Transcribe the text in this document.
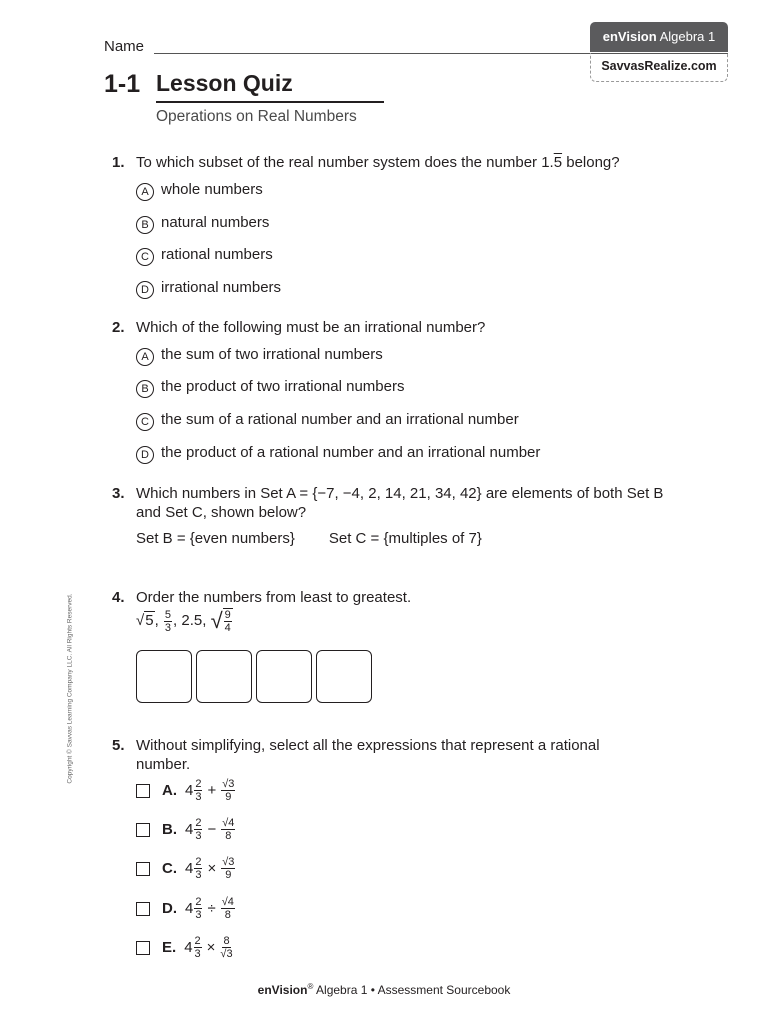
Name
enVision Algebra 1
SavvasRealize.com
1-1 Lesson Quiz
Operations on Real Numbers
Copyright © Savvas Learning Company LLC. All Rights Reserved.
1. To which subset of the real number system does the number 1.5 belong?
A whole numbers
B natural numbers
C rational numbers
D irrational numbers
2. Which of the following must be an irrational number?
A the sum of two irrational numbers
B the product of two irrational numbers
C the sum of a rational number and an irrational number
D the product of a rational number and an irrational number
3. Which numbers in Set A = {−7, −4, 2, 14, 21, 34, 42} are elements of both Set B and Set C, shown below?
Set B = {even numbers} Set C = {multiples of 7}
4. Order the numbers from least to greatest.
√5, $\frac{5}{3}$ , 2.5, √ $\frac{9}{4}$
5. Without simplifying, select all the expressions that represent a rational number.
A. $4 \frac{2}{3} + \frac{√3}{9}$
B. $4 \frac{2}{3} - \frac{√4}{8}$
C. $4 \frac{2}{3} \times \frac{√3}{9}$
D. $4 \frac{2}{3} \div \frac{√4}{8}$
E. $4 \frac{2}{3} \times \frac{8}{√3}$
enVision® Algebra 1 • Assessment Sourcebook
